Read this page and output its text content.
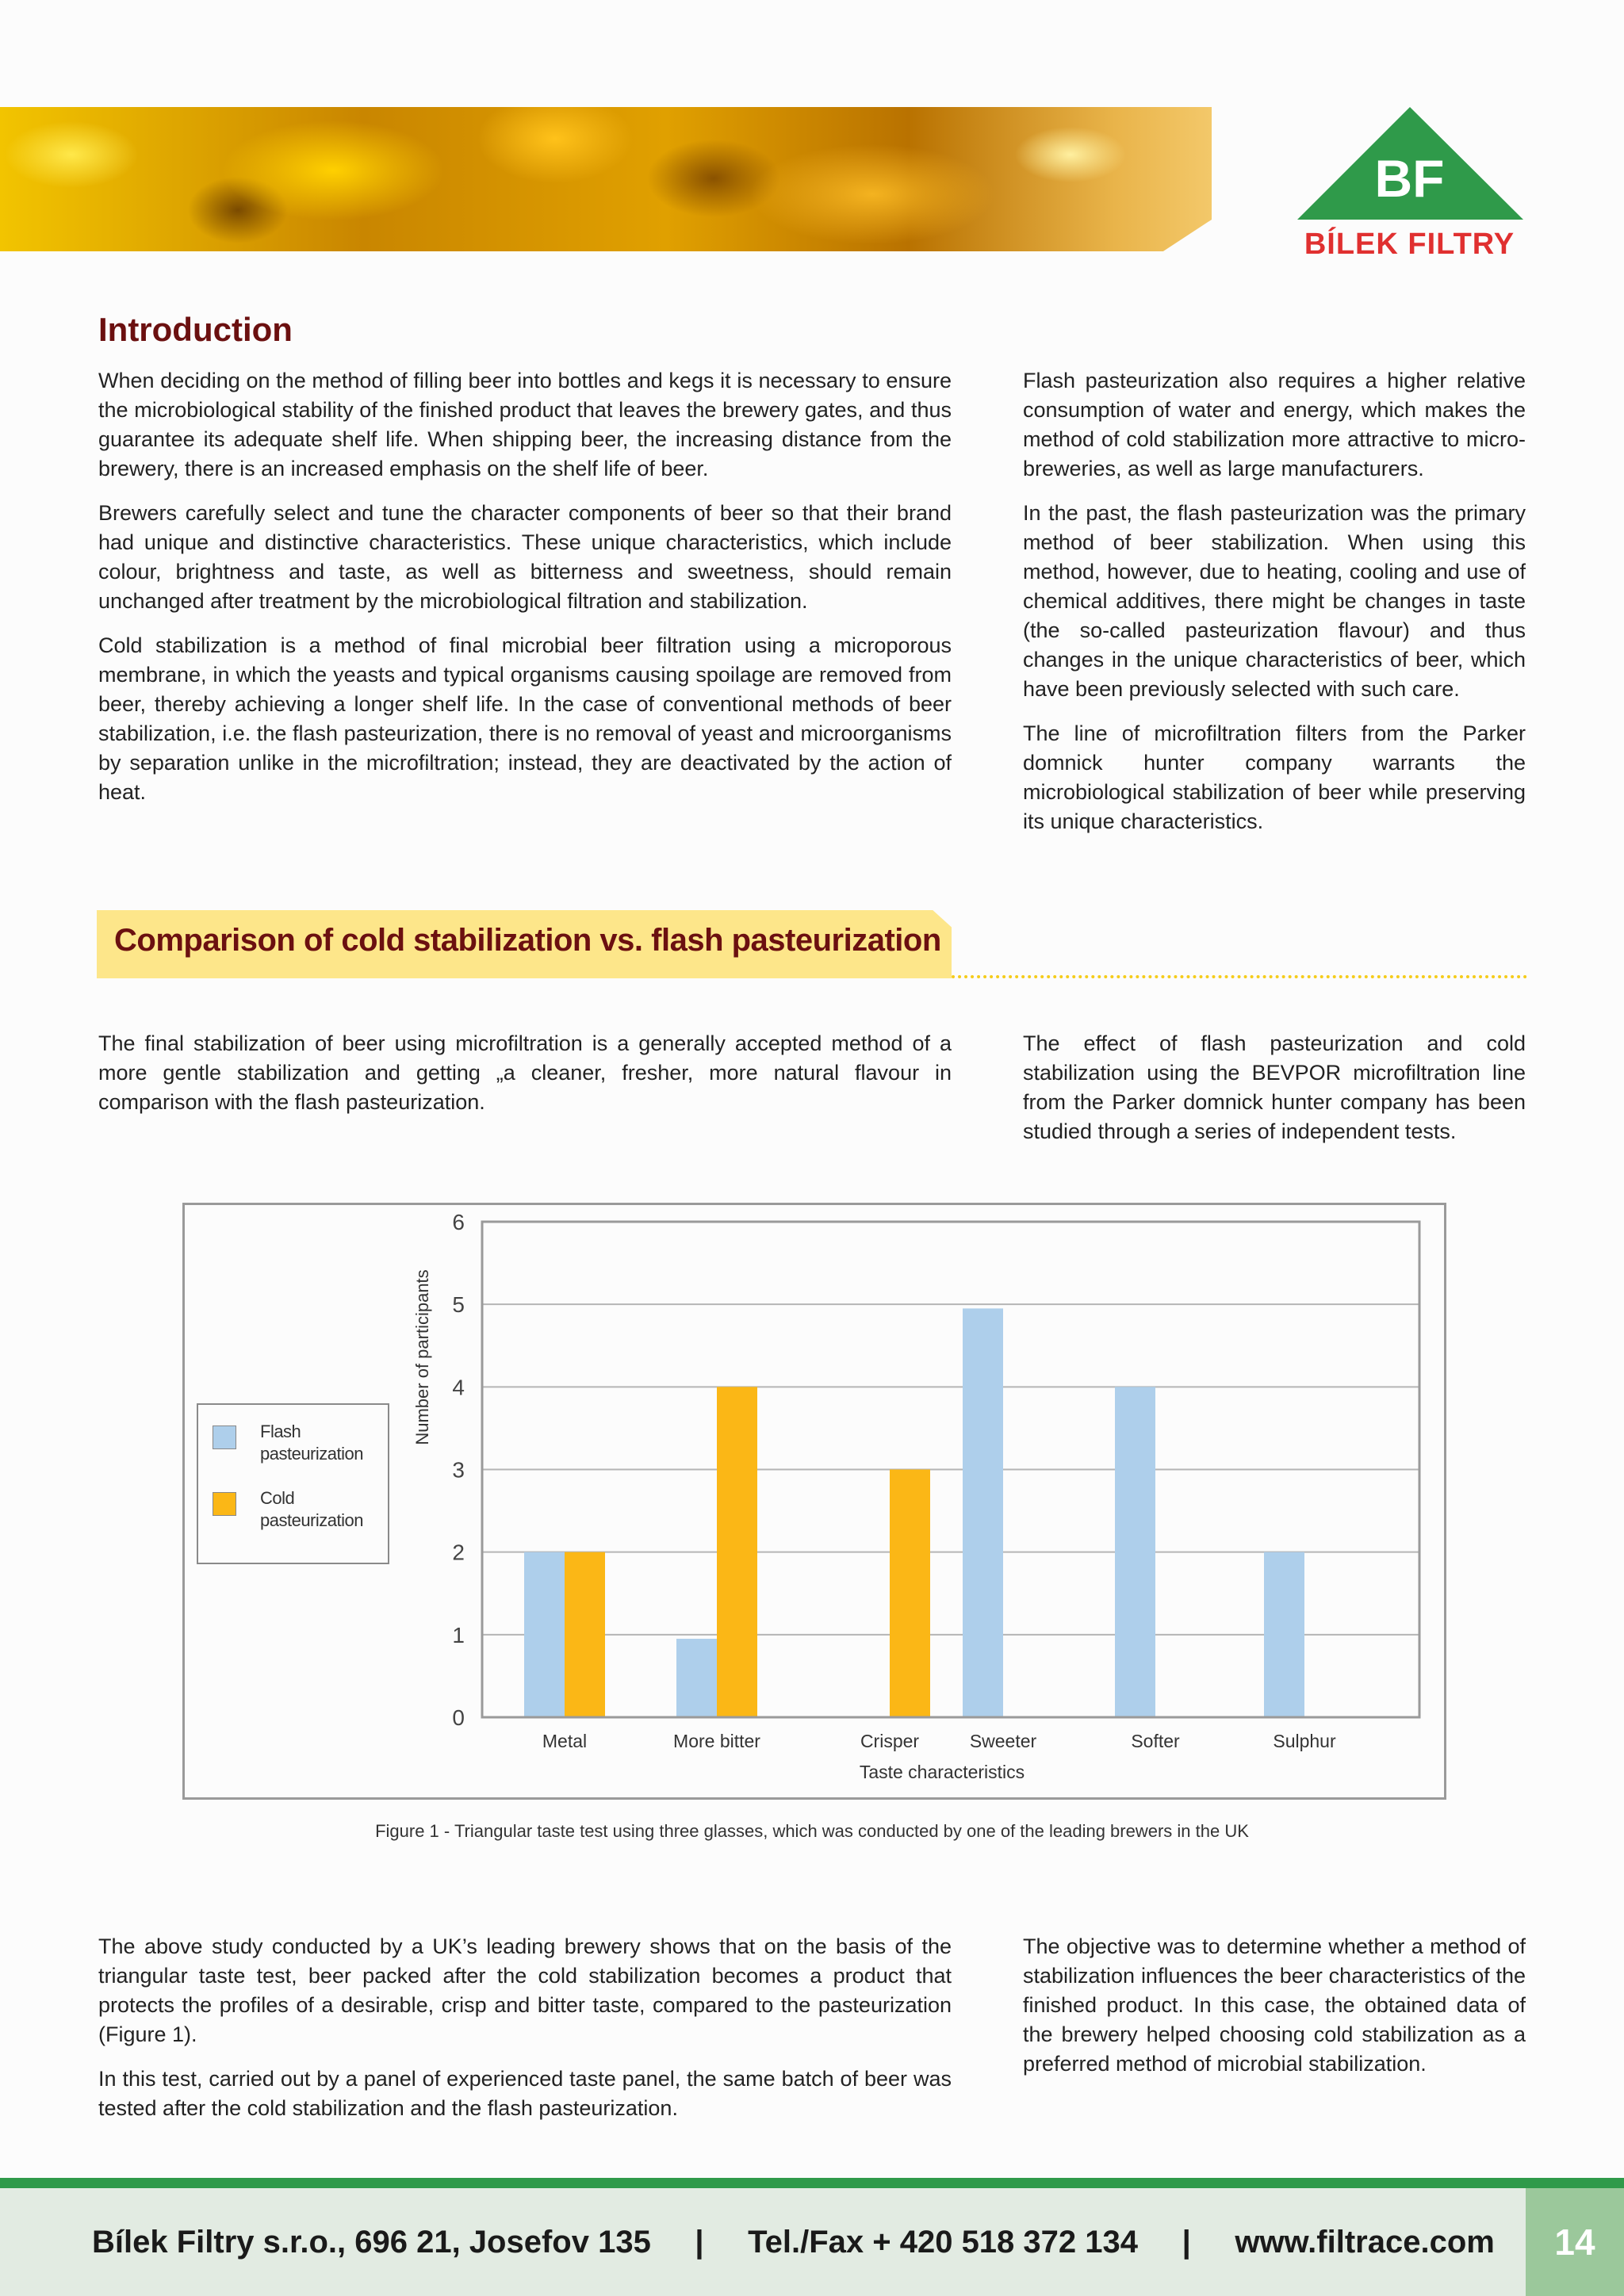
BF
BÍLEK FILTRY
Introduction

When deciding on the method of filling beer into bottles and kegs it is necessary to ensure the microbiological stability of the finished product that leaves the brewery gates, and thus guarantee its adequate shelf life. When shipping beer, the increasing distance from the brewery, there is an increased emphasis on the shelf life of beer.

Brewers carefully select and tune the character components of beer so that their brand had unique and distinctive characteristics. These unique characteristics, which include colour, brightness and taste, as well as bitterness and sweetness, should remain unchanged after treatment by the microbiological filtration and stabilization.

Cold stabilization is a method of final microbial beer filtration using a microporous membrane, in which the yeasts and typical organisms causing spoilage are removed from beer, thereby achieving a longer shelf life. In the case of conventional methods of beer stabilization, i.e. the flash pasteurization, there is no removal of yeast and microorganisms by separation unlike in the microfiltration; instead, they are deactivated by the action of heat.

Flash pasteurization also requires a higher relative consumption of water and energy, which makes the method of cold stabilization more attractive to micro-breweries, as well as large manufacturers.

In the past, the flash pasteurization was the primary method of beer stabilization. When using this method, however, due to heating, cooling and use of chemical additives, there might be changes in taste (the so-called pasteurization flavour) and thus changes in the unique characteristics of beer, which have been previously selected with such care.

The line of microfiltration filters from the Parker domnick hunter company warrants the microbiological stabilization of beer while preserving its unique characteristics.

Comparison of cold stabilization vs. flash pasteurization

The final stabilization of beer using microfiltration is a generally accepted method of a more gentle stabilization and getting „a cleaner, fresher, more natural flavour in comparison with the flash pasteurization.

The effect of flash pasteurization and cold stabilization using the BEVPOR microfiltration line from the Parker domnick hunter company has been studied through a series of independent tests.

0
1
2
3
4
5
6
Metal	More bitter	Crisper	Sweeter	Softer	Sulphur
Number of participants
Taste characteristics
Flash pasteurization
Cold pasteurization
Figure 1 - Triangular taste test using three glasses, which was conducted by one of the leading brewers in the UK

The above study conducted by a UK’s leading brewery shows that on the basis of the triangular taste test, beer packed after the cold stabilization becomes a product that protects the profiles of a desirable, crisp and bitter taste, compared to the pasteurization (Figure 1).

In this test, carried out by a panel of experienced taste panel, the same batch of beer was tested after the cold stabilization and the flash pasteurization.

The objective was to determine whether a method of stabilization influences the beer characteristics of the finished product. In this case, the obtained data of the brewery helped choosing cold stabilization as a preferred method of microbial stabilization.

Bílek Filtry s.r.o., 696 21, Josefov 135     |     Tel./Fax + 420 518 372 134     |     www.filtrace.com	14
